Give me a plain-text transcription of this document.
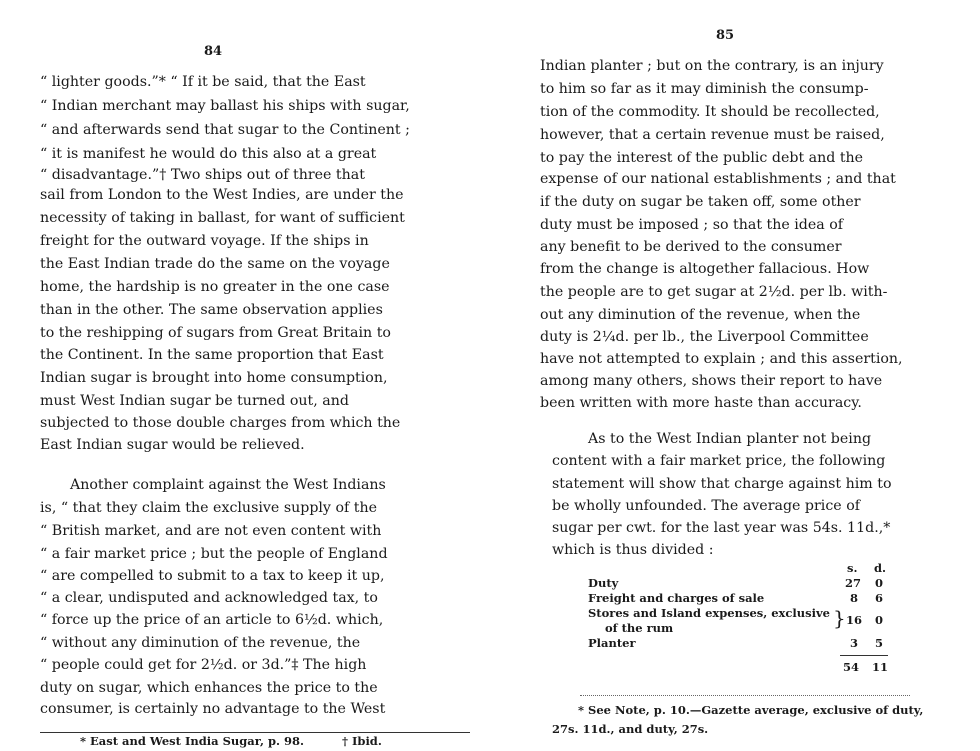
84
“ lighter goods.”* “ If it be said, that the East
“ Indian merchant may ballast his ships with sugar,
“ and afterwards send that sugar to the Continent ;
“ it is manifest he would do this also at a great
“ disadvantage.”† Two ships out of three that
sail from London to the West Indies, are under the
necessity of taking in ballast, for want of sufficient
freight for the outward voyage. If the ships in
the East Indian trade do the same on the voyage
home, the hardship is no greater in the one case
than in the other. The same observation applies
to the reshipping of sugars from Great Britain to
the Continent. In the same proportion that East
Indian sugar is brought into home consumption,
must West Indian sugar be turned out, and
subjected to those double charges from which the
East Indian sugar would be relieved.
Another complaint against the West Indians
is, “ that they claim the exclusive supply of the
“ British market, and are not even content with
“ a fair market price ; but the people of England
“ are compelled to submit to a tax to keep it up,
“ a clear, undisputed and acknowledged tax, to
“ force up the price of an article to 6½d. which,
“ without any diminution of the revenue, the
“ people could get for 2½d. or 3d.”‡ The high
duty on sugar, which enhances the price to the
consumer, is certainly no advantage to the West
* East and West India Sugar, p. 98.	† Ibid.
85
Indian planter ; but on the contrary, is an injury
to him so far as it may diminish the consump-
tion of the commodity. It should be recollected,
however, that a certain revenue must be raised,
to pay the interest of the public debt and the
expense of our national establishments ; and that
if the duty on sugar be taken off, some other
duty must be imposed ; so that the idea of
any benefit to be derived to the consumer
from the change is altogether fallacious. How
the people are to get sugar at 2½d. per lb. with-
out any diminution of the revenue, when the
duty is 2¼d. per lb., the Liverpool Committee
have not attempted to explain ; and this assertion,
among many others, shows their report to have
been written with more haste than accuracy.
As to the West Indian planter not being
content with a fair market price, the following
statement will show that charge against him to
be wholly unfounded. The average price of
sugar per cwt. for the last year was 54s. 11d.,*
which is thus divided :
s. d.
Duty	27 0
Freight and charges of sale	8 6
Stores and Island expenses, exclusive
of the rum	} 16 0
Planter	3 5
54 11
* See Note, p. 10.—Gazette average, exclusive of duty,
27s. 11d., and duty, 27s.
